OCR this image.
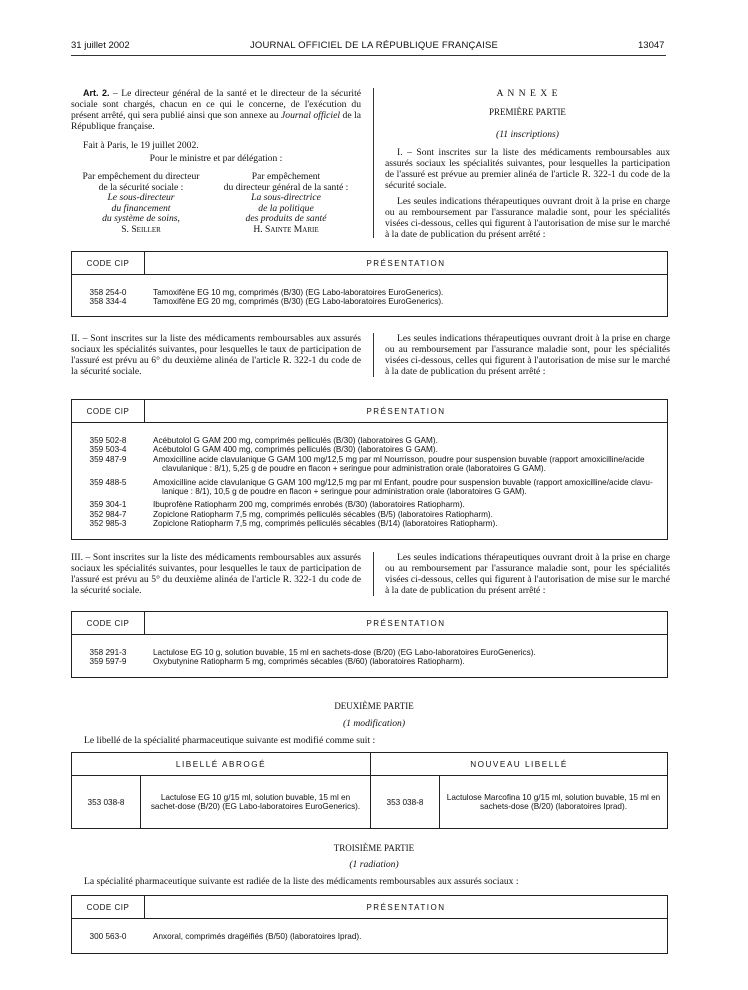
31 juillet 2002	JOURNAL OFFICIEL DE LA RÉPUBLIQUE FRANÇAISE	13047

Art. 2. – Le directeur général de la santé et le directeur de la sécurité sociale sont chargés, chacun en ce qui le concerne, de l'exécution du présent arrêté, qui sera publié ainsi que son annexe au Journal officiel de la République française.

Fait à Paris, le 19 juillet 2002.

Pour le ministre et par délégation :

Par empêchement du directeur
de la sécurité sociale :
Le sous-directeur
du financement
du système de soins,
S. Seiller
Par empêchement
du directeur général de la santé :
La sous-directrice
de la politique
des produits de santé
H. Sainte Marie

A N N E X E

PREMIÈRE PARTIE

(11 inscriptions)

I. – Sont inscrites sur la liste des médicaments remboursables aux assurés sociaux les spécialités suivantes, pour lesquelles la participation de l'assuré est prévue au premier alinéa de l'article R. 322-1 du code de la sécurité sociale.

Les seules indications thérapeutiques ouvrant droit à la prise en charge ou au remboursement par l'assurance maladie sont, pour les spécialités visées ci-dessous, celles qui figurent à l'autorisation de mise sur le marché à la date de publication du présent arrêté :

CODE CIP	PRÉSENTATION
358 254-0	Tamoxifène EG 10 mg, comprimés (B/30) (EG Labo-laboratoires EuroGenerics).
358 334-4	Tamoxifène EG 20 mg, comprimés (B/30) (EG Labo-laboratoires EuroGenerics).
II. – Sont inscrites sur la liste des médicaments remboursables aux assurés sociaux les spécialités suivantes, pour lesquelles le taux de participation de l'assuré est prévu au 6° du deuxième alinéa de l'article R. 322-1 du code de la sécurité sociale.
Les seules indications thérapeutiques ouvrant droit à la prise en charge ou au remboursement par l'assurance maladie sont, pour les spécialités visées ci-dessous, celles qui figurent à l'autorisation de mise sur le marché à la date de publication du présent arrêté :
CODE CIP	PRÉSENTATION
359 502-8	Acébutolol G GAM 200 mg, comprimés pelliculés (B/30) (laboratoires G GAM).
359 503-4	Acébutolol G GAM 400 mg, comprimés pelliculés (B/30) (laboratoires G GAM).
359 487-9	Amoxicilline acide clavulanique G GAM 100 mg/12,5 mg par ml Nourrisson, poudre pour suspension buvable (rapport amoxicilline/acide
clavulanique : 8/1), 5,25 g de poudre en flacon + seringue pour administration orale (laboratoires G GAM).
359 488-5	Amoxicilline acide clavulanique G GAM 100 mg/12,5 mg par ml Enfant, poudre pour suspension buvable (rapport amoxicilline/acide clavu-
lanique : 8/1), 10,5 g de poudre en flacon + seringue pour administration orale (laboratoires G GAM).
359 304-1	Ibuprofène Ratiopharm 200 mg, comprimés enrobés (B/30) (laboratoires Ratiopharm).
352 984-7	Zopiclone Ratiopharm 7,5 mg, comprimés pelliculés sécables (B/5) (laboratoires Ratiopharm).
352 985-3	Zopiclone Ratiopharm 7,5 mg, comprimés pelliculés sécables (B/14) (laboratoires Ratiopharm).
III. – Sont inscrites sur la liste des médicaments remboursables aux assurés sociaux les spécialités suivantes, pour lesquelles le taux de participation de l'assuré est prévu au 5° du deuxième alinéa de l'article R. 322-1 du code de la sécurité sociale.
Les seules indications thérapeutiques ouvrant droit à la prise en charge ou au remboursement par l'assurance maladie sont, pour les spécialités visées ci-dessous, celles qui figurent à l'autorisation de mise sur le marché à la date de publication du présent arrêté :
CODE CIP	PRÉSENTATION
358 291-3	Lactulose EG 10 g, solution buvable, 15 ml en sachets-dose (B/20) (EG Labo-laboratoires EuroGenerics).
359 597-9	Oxybutynine Ratiopharm 5 mg, comprimés sécables (B/60) (laboratoires Ratiopharm).
DEUXIÈME PARTIE
(1 modification)
Le libellé de la spécialité pharmaceutique suivante est modifié comme suit :
LIBELLÉ ABROGÉ	NOUVEAU LIBELLÉ
353 038-8
Lactulose EG 10 g/15 ml, solution buvable, 15 ml en
sachet-dose (B/20) (EG Labo-laboratoires EuroGenerics).	353 038-8
Lactulose Marcofina 10 g/15 ml, solution buvable, 15 ml en
sachets-dose (B/20) (laboratoires Iprad).
TROISIÈME PARTIE
(1 radiation)
La spécialité pharmaceutique suivante est radiée de la liste des médicaments remboursables aux assurés sociaux :
CODE CIP	PRÉSENTATION
300 563-0	Anxoral, comprimés dragéifiés (B/50) (laboratoires Iprad).
